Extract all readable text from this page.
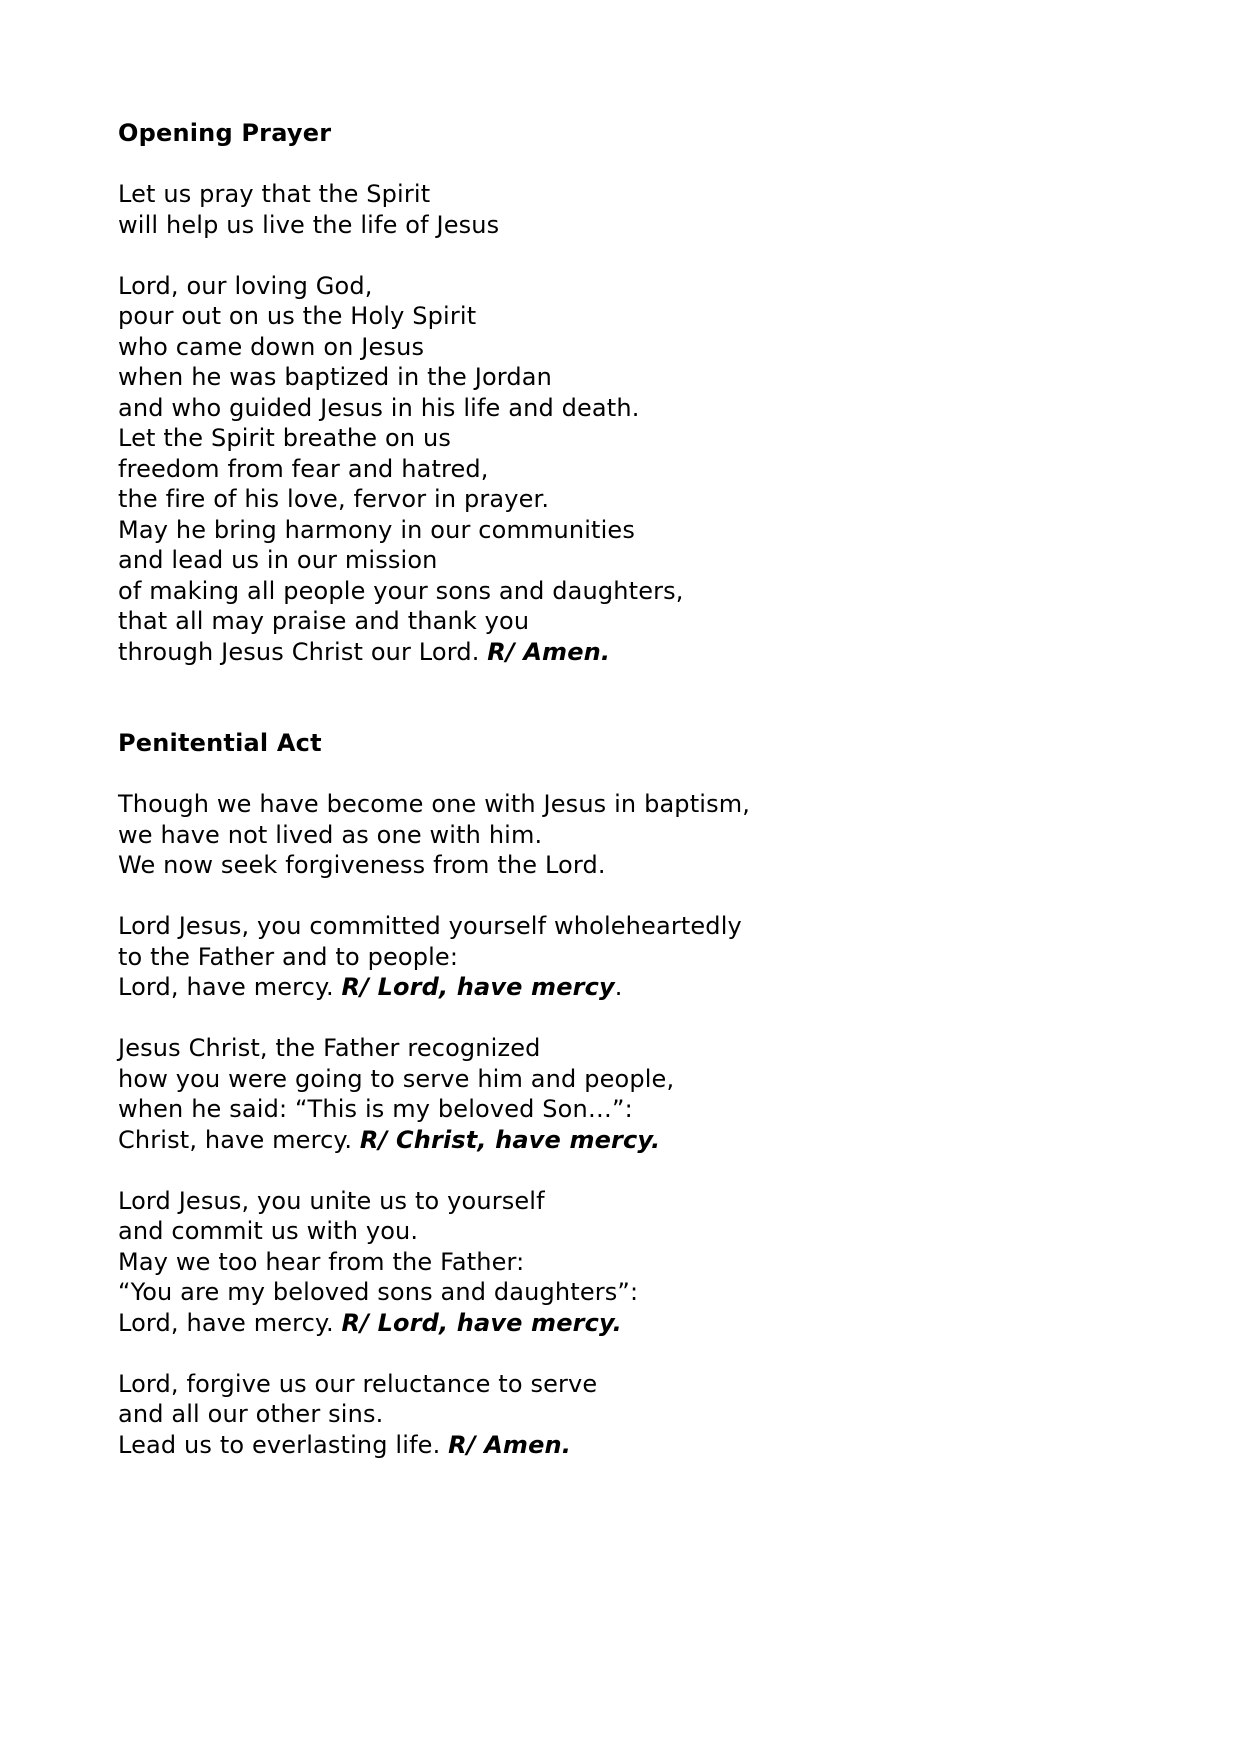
Opening Prayer

Let us pray that the Spirit
will help us live the life of Jesus

Lord, our loving God,
pour out on us the Holy Spirit
who came down on Jesus
when he was baptized in the Jordan
and who guided Jesus in his life and death.
Let the Spirit breathe on us
freedom from fear and hatred,
the fire of his love, fervor in prayer.
May he bring harmony in our communities
and lead us in our mission
of making all people your sons and daughters,
that all may praise and thank you
through Jesus Christ our Lord. R/ Amen.

Penitential Act

Though we have become one with Jesus in baptism,
we have not lived as one with him.
We now seek forgiveness from the Lord.

Lord Jesus, you committed yourself wholeheartedly
to the Father and to people:
Lord, have mercy. R/ Lord, have mercy.

Jesus Christ, the Father recognized
how you were going to serve him and people,
when he said: “This is my beloved Son…”:
Christ, have mercy. R/ Christ, have mercy.

Lord Jesus, you unite us to yourself
and commit us with you.
May we too hear from the Father:
“You are my beloved sons and daughters”:
Lord, have mercy. R/ Lord, have mercy.

Lord, forgive us our reluctance to serve
and all our other sins.
Lead us to everlasting life. R/ Amen.
